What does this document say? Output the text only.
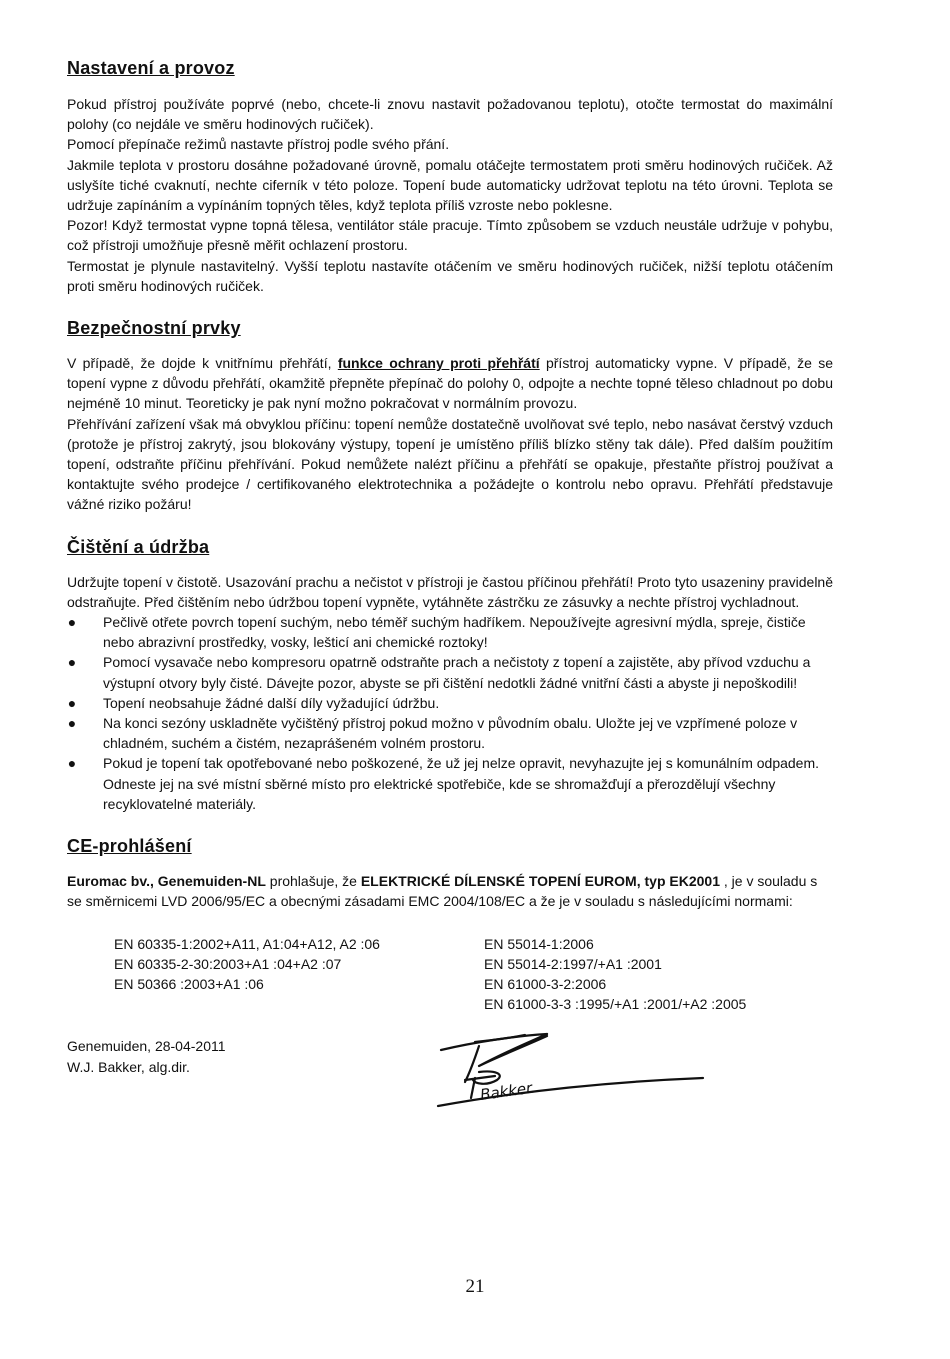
Nastavení a provoz

Pokud přístroj používáte poprvé (nebo, chcete-li znovu nastavit požadovanou teplotu), otočte termostat do maximální polohy (co nejdále ve směru hodinových ručiček).

Pomocí přepínače režimů nastavte přístroj podle svého přání.

Jakmile teplota v prostoru dosáhne požadované úrovně, pomalu otáčejte termostatem proti směru hodinových ručiček. Až uslyšíte tiché cvaknutí, nechte ciferník v této poloze. Topení bude automaticky udržovat teplotu na této úrovni. Teplota se udržuje zapínáním a vypínáním topných těles, když teplota příliš vzroste nebo poklesne.

Pozor! Když termostat vypne topná tělesa, ventilátor stále pracuje. Tímto způsobem se vzduch neustále udržuje v pohybu, což přístroji umožňuje přesně měřit ochlazení prostoru.

Termostat je plynule nastavitelný. Vyšší teplotu nastavíte otáčením ve směru hodinových ručiček, nižší teplotu otáčením proti směru hodinových ručiček.

Bezpečnostní prvky

V případě, že dojde k vnitřnímu přehřátí, funkce ochrany proti přehřátí přístroj automaticky vypne. V případě, že se topení vypne z důvodu přehřátí, okamžitě přepněte přepínač do polohy 0, odpojte a nechte topné těleso chladnout po dobu nejméně 10 minut. Teoreticky je pak nyní možno pokračovat v normálním provozu.

Přehřívání zařízení však má obvyklou příčinu: topení nemůže dostatečně uvolňovat své teplo, nebo nasávat čerstvý vzduch (protože je přístroj zakrytý, jsou blokovány výstupy, topení je umístěno příliš blízko stěny tak dále). Před dalším použitím topení, odstraňte příčinu přehřívání. Pokud nemůžete nalézt příčinu a přehřátí se opakuje, přestaňte přístroj používat a kontaktujte svého prodejce / certifikovaného elektrotechnika a požádejte o kontrolu nebo opravu. Přehřátí představuje vážné riziko požáru!

Čištění a údržba

Udržujte topení v čistotě. Usazování prachu a nečistot v přístroji je častou příčinou přehřátí! Proto tyto usazeniny pravidelně odstraňujte. Před čištěním nebo údržbou topení vypněte, vytáhněte zástrčku ze zásuvky a nechte přístroj vychladnout.

● Pečlivě otřete povrch topení suchým, nebo téměř suchým hadříkem. Nepoužívejte agresivní mýdla, spreje, čističe nebo abrazivní prostředky, vosky, lešticí ani chemické roztoky!
● Pomocí vysavače nebo kompresoru opatrně odstraňte prach a nečistoty z topení a zajistěte, aby přívod vzduchu a výstupní otvory byly čisté. Dávejte pozor, abyste se při čištění nedotkli žádné vnitřní části a abyste ji nepoškodili!
● Topení neobsahuje žádné další díly vyžadující údržbu.
● Na konci sezóny uskladněte vyčištěný přístroj pokud možno v původním obalu. Uložte jej ve vzpřímené poloze v chladném, suchém a čistém, nezaprášeném volném prostoru.
● Pokud je topení tak opotřebované nebo poškozené, že už jej nelze opravit, nevyhazujte jej s komunálním odpadem. Odneste jej na své místní sběrné místo pro elektrické spotřebiče, kde se shromažďují a přerozdělují všechny recyklovatelné materiály.
CE-prohlášení
Euromac bv., Genemuiden-NL prohlašuje, že ELEKTRICKÉ DÍLENSKÉ TOPENÍ EUROM, typ EK2001 , je v souladu s se směrnicemi LVD 2006/95/EC a obecnými zásadami EMC 2004/108/EC a že je v souladu s následujícími normami:
EN 60335-1:2002+A11, A1:04+A12, A2 :06
EN 60335-2-30:2003+A1 :04+A2 :07
EN 50366 :2003+A1 :06
EN 55014-1:2006
EN 55014-2:1997/+A1 :2001
EN 61000-3-2:2006
EN 61000-3-3 :1995/+A1 :2001/+A2 :2005
Genemuiden, 28-04-2011
W.J. Bakker, alg.dir.
Bakker.
21
